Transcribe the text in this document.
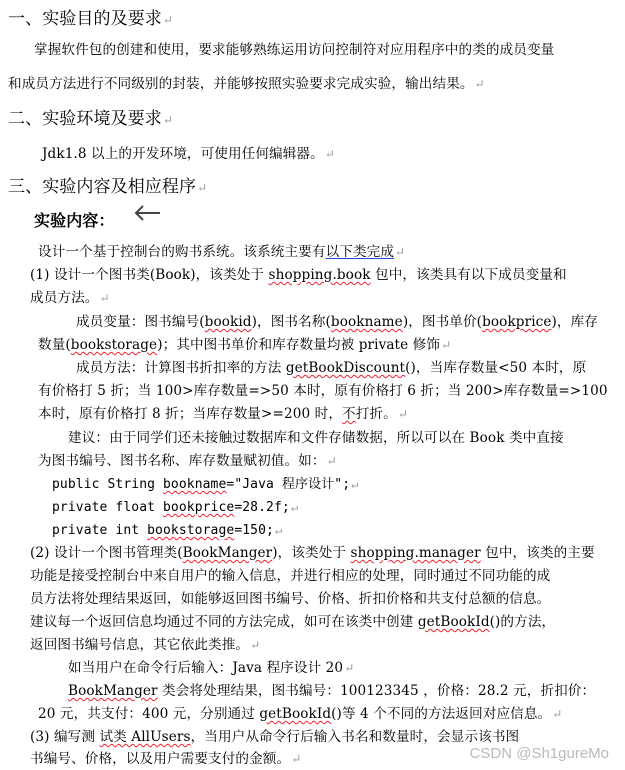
一、实验目的及要求↵
掌握软件包的创建和使用，要求能够熟练运用访问控制符对应用程序中的类的成员变量
和成员方法进行不同级别的封装，并能够按照实验要求完成实验，输出结果。↵
二、实验环境及要求↵
Jdk1.8 以上的开发环境，可使用任何编辑器。↵
三、实验内容及相应程序↵
实验内容：
设计一个基于控制台的购书系统。该系统主要有以下类完成↵
(1) 设计一个图书类(Book)，该类处于 shopping.book 包中，该类具有以下成员变量和
成员方法。↵
成员变量：图书编号(bookid)，图书名称(bookname)，图书单价(bookprice)，库存
数量(bookstorage)；其中图书单价和库存数量均被 private 修饰↵
成员方法：计算图书折扣率的方法 getBookDiscount()，当库存数量<50 本时，原
有价格打 5 折；当 100>库存数量=>50 本时，原有价格打 6 折；当 200>库存数量=>100
本时，原有价格打 8 折；当库存数量>=200 时，不打折。↵
建议：由于同学们还未接触过数据库和文件存储数据，所以可以在 Book 类中直接
为图书编号、图书名称、库存数量赋初值。如：↵
public String bookname="Java 程序设计";↵
private float bookprice=28.2f;↵
private int bookstorage=150;↵
(2) 设计一个图书管理类(BookManger)，该类处于 shopping.manager 包中，该类的主要
功能是接受控制台中来自用户的输入信息，并进行相应的处理，同时通过不同功能的成
员方法将处理结果返回，如能够返回图书编号、价格、折扣价格和共支付总额的信息。
建议每一个返回信息均通过不同的方法完成，如可在该类中创建 getBookId()的方法，
返回图书编号信息，其它依此类推。↵
如当用户在命令行后输入：Java 程序设计 20↵
BookManger 类会将处理结果，图书编号：100123345 ，价格：28.2 元，折扣价：
20 元，共支付：400 元，分别通过 getBookId()等 4 个不同的方法返回对应信息。↵
(3) 编写测 试类 AllUsers，当用户从命令行后输入书名和数量时，会显示该书图
书编号、价格，以及用户需要支付的金额。↵	CSDN @Sh1gureMo
